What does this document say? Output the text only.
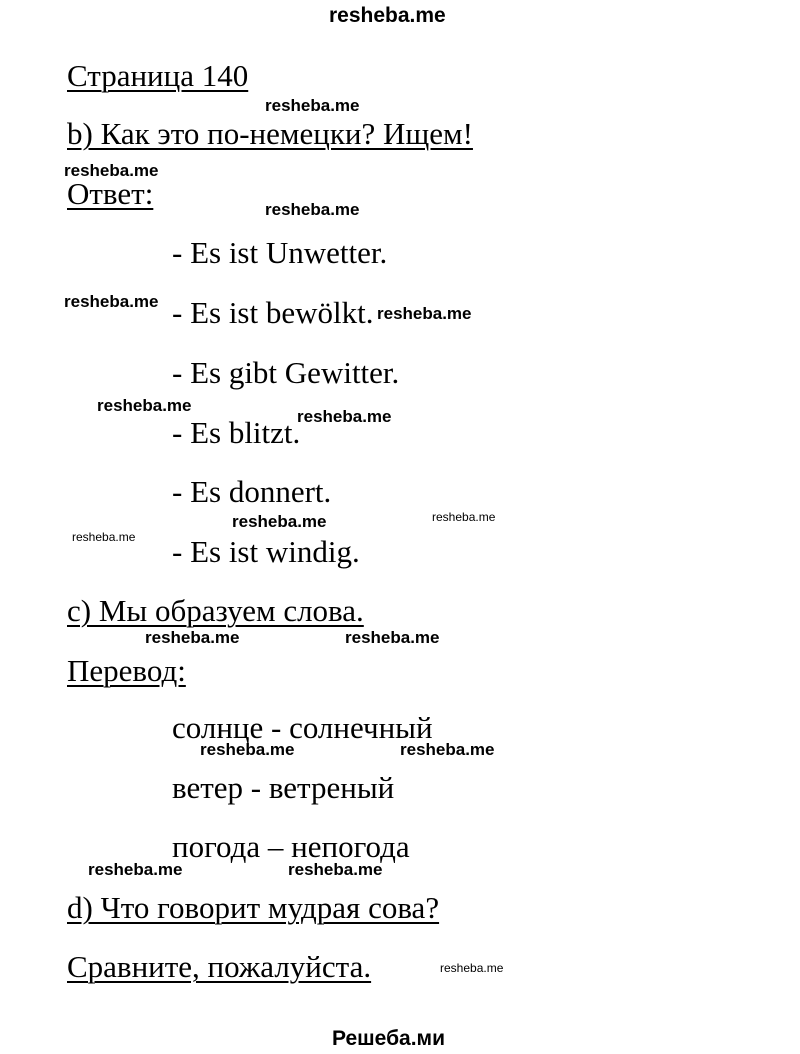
resheba.me
Страница 140
b) Как это по-немецки? Ищем!
Ответ:
- Es ist Unwetter.
- Es ist bewölkt.
- Es gibt Gewitter.
- Es blitzt.
- Es donnert.
- Es ist windig.
c) Мы образуем слова.
Перевод:
солнце - солнечный
ветер - ветреный
погода – непогода
d) Что говорит мудрая сова?
Сравните, пожалуйста.
resheba.me
resheba.me
resheba.me
resheba.me
resheba.me
resheba.me
resheba.me
resheba.me	resheba.me
resheba.me
resheba.me	resheba.me
resheba.me	resheba.me
resheba.me	resheba.me
resheba.me
Решеба.ми
